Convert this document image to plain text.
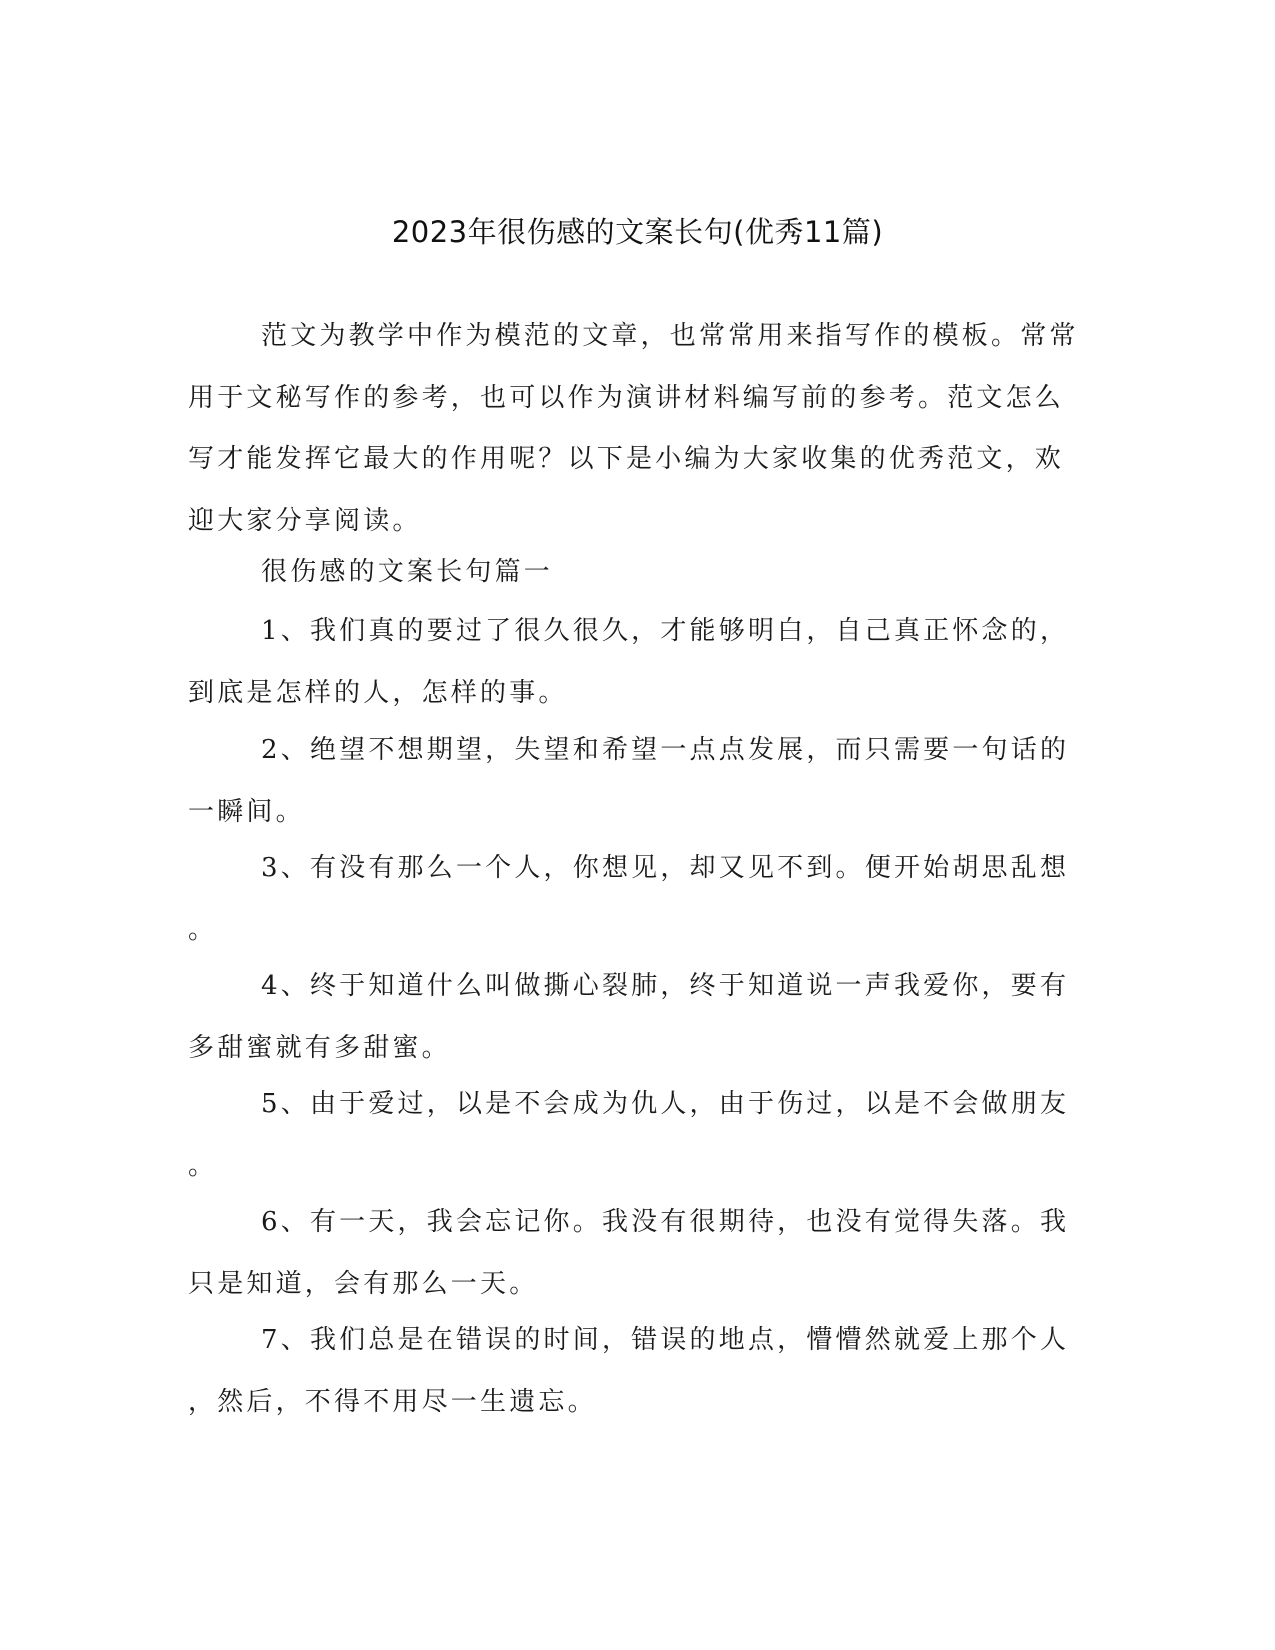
2023年很伤感的文案长句(优秀11篇)
范文为教学中作为模范的文章，也常常用来指写作的模板。常常
用于文秘写作的参考，也可以作为演讲材料编写前的参考。范文怎么
写才能发挥它最大的作用呢？以下是小编为大家收集的优秀范文，欢
迎大家分享阅读。
很伤感的文案长句篇一
1、我们真的要过了很久很久，才能够明白，自己真正怀念的，
到底是怎样的人，怎样的事。
2、绝望不想期望，失望和希望一点点发展，而只需要一句话的
一瞬间。
3、有没有那么一个人，你想见，却又见不到。便开始胡思乱想
。
4、终于知道什么叫做撕心裂肺，终于知道说一声我爱你，要有
多甜蜜就有多甜蜜。
5、由于爱过，以是不会成为仇人，由于伤过，以是不会做朋友
。
6、有一天，我会忘记你。我没有很期待，也没有觉得失落。我
只是知道，会有那么一天。
7、我们总是在错误的时间，错误的地点，懵懵然就爱上那个人
，然后，不得不用尽一生遗忘。
